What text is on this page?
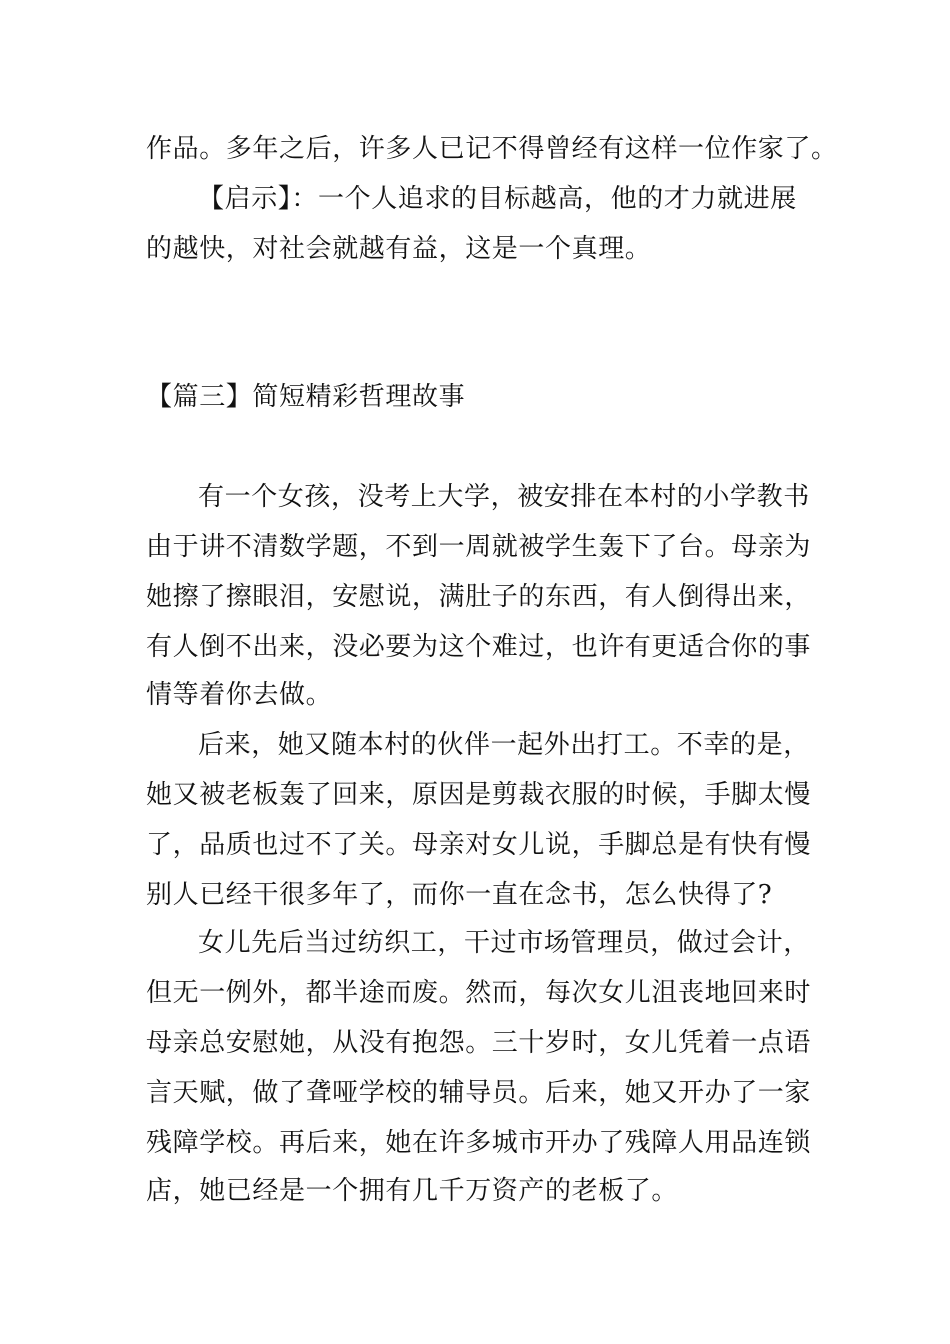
作品。多年之后，许多人已记不得曾经有这样一位作家了。
【启示】：一个人追求的目标越高，他的才力就进展
的越快，对社会就越有益，这是一个真理。
【篇三】简短精彩哲理故事
有一个女孩，没考上大学，被安排在本村的小学教书
由于讲不清数学题，不到一周就被学生轰下了台。母亲为
她擦了擦眼泪，安慰说，满肚子的东西，有人倒得出来，
有人倒不出来，没必要为这个难过，也许有更适合你的事
情等着你去做。
后来，她又随本村的伙伴一起外出打工。不幸的是，
她又被老板轰了回来，原因是剪裁衣服的时候，手脚太慢
了，品质也过不了关。母亲对女儿说，手脚总是有快有慢
别人已经干很多年了，而你一直在念书，怎么快得了?
女儿先后当过纺织工，干过市场管理员，做过会计，
但无一例外，都半途而废。然而，每次女儿沮丧地回来时
母亲总安慰她，从没有抱怨。三十岁时，女儿凭着一点语
言天赋，做了聋哑学校的辅导员。后来，她又开办了一家
残障学校。再后来，她在许多城市开办了残障人用品连锁
店，她已经是一个拥有几千万资产的老板了。
